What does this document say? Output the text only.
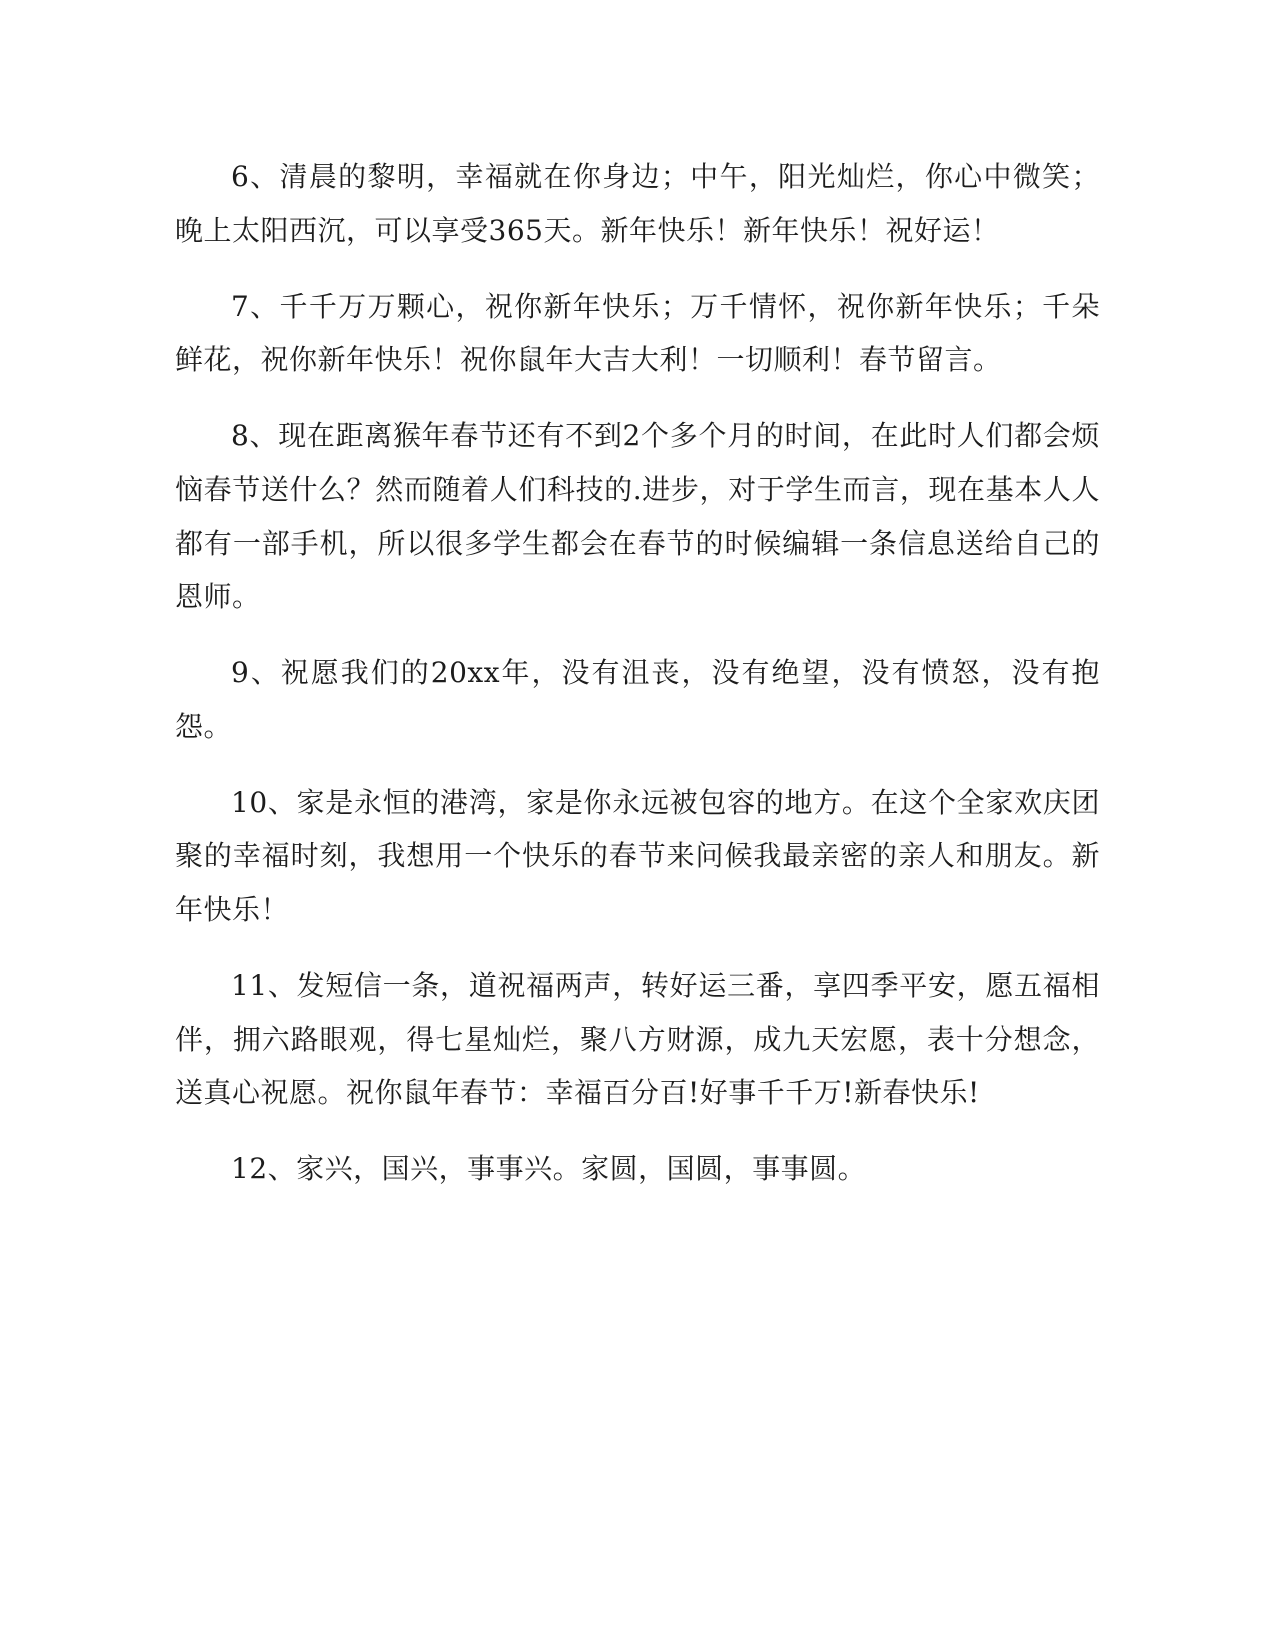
6、清晨的黎明，幸福就在你身边；中午，阳光灿烂，你心中微笑；晚上太阳西沉，可以享受365天。新年快乐！新年快乐！祝好运！

7、千千万万颗心，祝你新年快乐；万千情怀，祝你新年快乐；千朵鲜花，祝你新年快乐！祝你鼠年大吉大利！一切顺利！春节留言。

8、现在距离猴年春节还有不到2个多个月的时间，在此时人们都会烦恼春节送什么？然而随着人们科技的.进步，对于学生而言，现在基本人人都有一部手机，所以很多学生都会在春节的时候编辑一条信息送给自己的恩师。

9、祝愿我们的20xx年，没有沮丧，没有绝望，没有愤怒，没有抱怨。

10、家是永恒的港湾，家是你永远被包容的地方。在这个全家欢庆团聚的幸福时刻，我想用一个快乐的春节来问候我最亲密的亲人和朋友。新年快乐！

11、发短信一条，道祝福两声，转好运三番，享四季平安，愿五福相伴，拥六路眼观，得七星灿烂，聚八方财源，成九天宏愿，表十分想念，送真心祝愿。祝你鼠年春节：幸福百分百!好事千千万!新春快乐!

12、家兴，国兴，事事兴。家圆，国圆，事事圆。
